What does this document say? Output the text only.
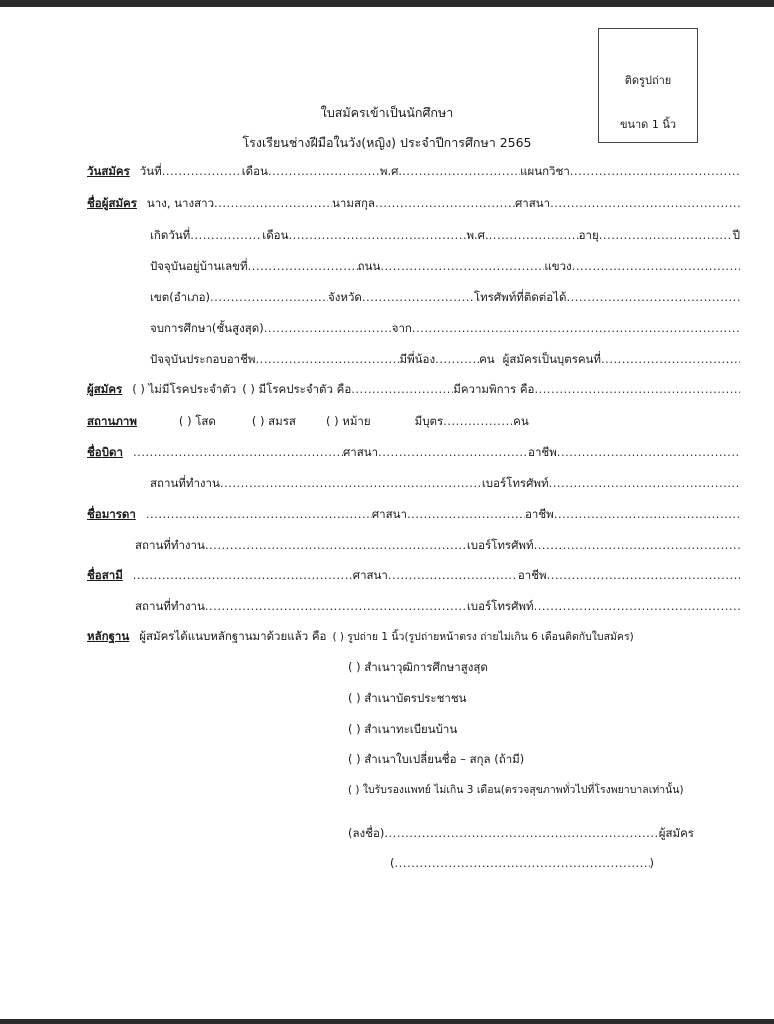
ติดรูปถ่าย
ขนาด 1 นิ้ว
ใบสมัครเข้าเป็นนักศึกษา
โรงเรียนช่างฝีมือในวัง(หญิง) ประจำปีการศึกษา 2565
วันสมัคร วันที่ .....	เดือน .....	พ.ศ. .....	แผนกวิชา
.....
ชื่อผู้สมัคร นาง, นางสาว .....	นามสกุล .....	ศาสนา
.....
เกิดวันที่ .....	เดือน .....	พ.ศ. .....	อายุ .....	ปี
ปัจจุบันอยู่บ้านเลขที่ .....	ถนน .....	แขวง
.....
เขต(อำเภอ) .....	จังหวัด .....	โทรศัพท์ที่ติดต่อได้
.....
จบการศึกษา(ชั้นสูงสุด) .....	จาก
.....
ปัจจุบันประกอบอาชีพ .....	มีพี่น้อง .....	คน ผู้สมัครเป็นบุตรคนที่
.....
ผู้สมัคร ( ) ไม่มีโรคประจำตัว ( ) มีโรคประจำตัว คือ .....	มีความพิการ คือ
.....
สถานภาพ	( ) โสด	( ) สมรส	( ) หม้าย	มีบุตร .....	คน
ชื่อบิดา .....	ศาสนา .....	อาชีพ
.....
สถานที่ทำงาน .....	เบอร์โทรศัพท์
.....
ชื่อมารดา .....	ศาสนา .....	อาชีพ
.....
สถานที่ทำงาน .....	เบอร์โทรศัพท์
.....
ชื่อสามี .....	ศาสนา .....	อาชีพ
.....
สถานที่ทำงาน .....	เบอร์โทรศัพท์
.....
หลักฐาน ผู้สมัครได้แนบหลักฐานมาด้วยแล้ว คือ ( ) รูปถ่าย 1 นิ้ว(รูปถ่ายหน้าตรง ถ่ายไม่เกิน 6 เดือนติดกับใบสมัคร)
( ) สำเนาวุฒิการศึกษาสูงสุด
( ) สำเนาบัตรประชาชน
( ) สำเนาทะเบียนบ้าน
( ) สำเนาใบเปลี่ยนชื่อ – สกุล (ถ้ามี)
( ) ใบรับรองแพทย์ ไม่เกิน 3 เดือน(ตรวจสุขภาพทั่วไปที่โรงพยาบาลเท่านั้น)
(ลงชื่อ) .....	ผู้สมัคร
( .....	)
